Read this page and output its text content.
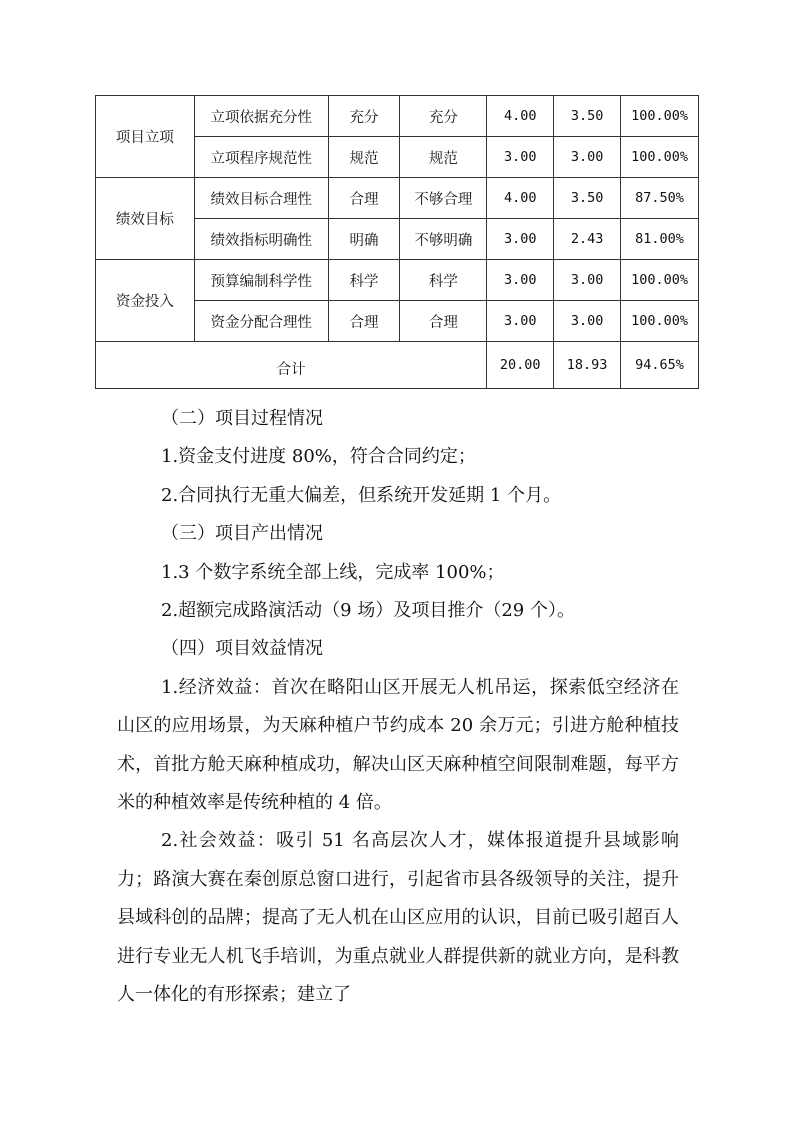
项目立项	立项依据充分性	充分	充分	4.00	3.50	100.00%
	立项程序规范性	规范	规范	3.00	3.00	100.00%
绩效目标	绩效目标合理性	合理	不够合理	4.00	3.50	87.50%
	绩效指标明确性	明确	不够明确	3.00	2.43	81.00%
资金投入	预算编制科学性	科学	科学	3.00	3.00	100.00%
	资金分配合理性	合理	合理	3.00	3.00	100.00%
合计				20.00	18.93	94.65%

（二）项目过程情况

1.资金支付进度 80%，符合合同约定；

2.合同执行无重大偏差，但系统开发延期 1 个月。

（三）项目产出情况

1.3 个数字系统全部上线，完成率 100%；

2.超额完成路演活动（9 场）及项目推介（29 个）。

（四）项目效益情况

1.经济效益：首次在略阳山区开展无人机吊运，探索低空经济在山区的应用场景，为天麻种植户节约成本 20 余万元；引进方舱种植技术，首批方舱天麻种植成功，解决山区天麻种植空间限制难题，每平方米的种植效率是传统种植的 4 倍。

2.社会效益：吸引 51 名高层次人才，媒体报道提升县域影响力；路演大赛在秦创原总窗口进行，引起省市县各级领导的关注，提升县域科创的品牌；提高了无人机在山区应用的认识，目前已吸引超百人进行专业无人机飞手培训，为重点就业人群提供新的就业方向，是科教人一体化的有形探索；建立了
